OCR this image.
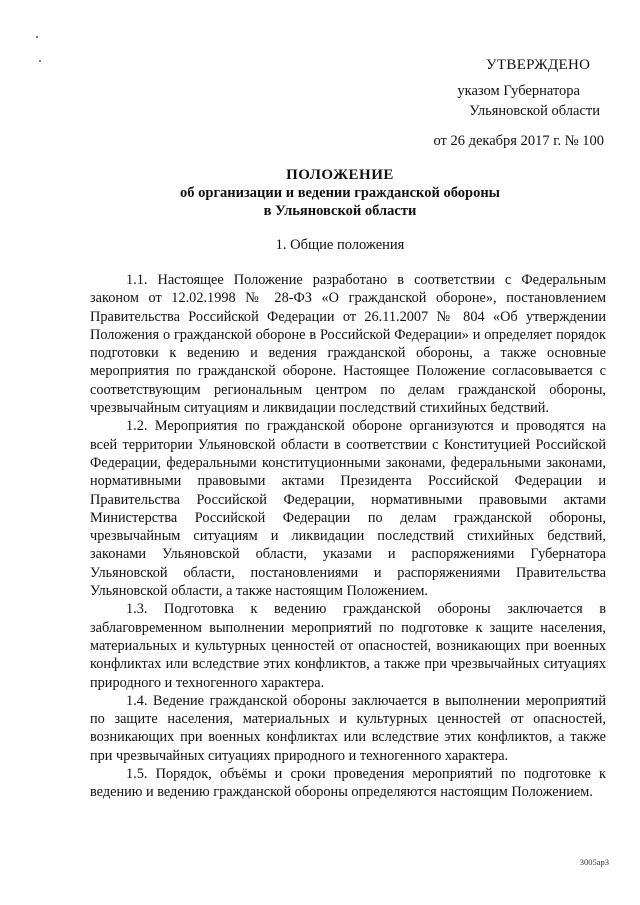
УТВЕРЖДЕНО
указом Губернатора
Ульяновской области
от 26 декабря 2017 г. № 100
ПОЛОЖЕНИЕ
об организации и ведении гражданской обороны
в Ульяновской области
1. Общие положения

1.1. Настоящее Положение разработано в соответствии с Федеральным законом от 12.02.1998 № 28-ФЗ «О гражданской обороне», постановлением Правительства Российской Федерации от 26.11.2007 № 804 «Об утверждении Положения о гражданской обороне в Российской Федерации» и определяет порядок подготовки к ведению и ведения гражданской обороны, а также основные мероприятия по гражданской обороне. Настоящее Положение согласовывается с соответствующим региональным центром по делам гражданской обороны, чрезвычайным ситуациям и ликвидации последствий стихийных бедствий.

1.2. Мероприятия по гражданской обороне организуются и проводятся на всей территории Ульяновской области в соответствии с Конституцией Российской Федерации, федеральными конституционными законами, федеральными законами, нормативными правовыми актами Президента Российской Федерации и Правительства Российской Федерации, нормативными правовыми актами Министерства Российской Федерации по делам гражданской обороны, чрезвычайным ситуациям и ликвидации последствий стихийных бедствий, законами Ульяновской области, указами и распоряжениями Губернатора Ульяновской области, постановлениями и распоряжениями Правительства Ульяновской области, а также настоящим Положением.

1.3. Подготовка к ведению гражданской обороны заключается в заблаговременном выполнении мероприятий по подготовке к защите населения, материальных и культурных ценностей от опасностей, возникающих при военных конфликтах или вследствие этих конфликтов, а также при чрезвычайных ситуациях природного и техногенного характера.

1.4. Ведение гражданской обороны заключается в выполнении мероприятий по защите населения, материальных и культурных ценностей от опасностей, возникающих при военных конфликтах или вследствие этих конфликтов, а также при чрезвычайных ситуациях природного и техногенного характера.

1.5. Порядок, объёмы и сроки проведения мероприятий по подготовке к ведению и ведению гражданской обороны определяются настоящим Положением.

3005ap3
